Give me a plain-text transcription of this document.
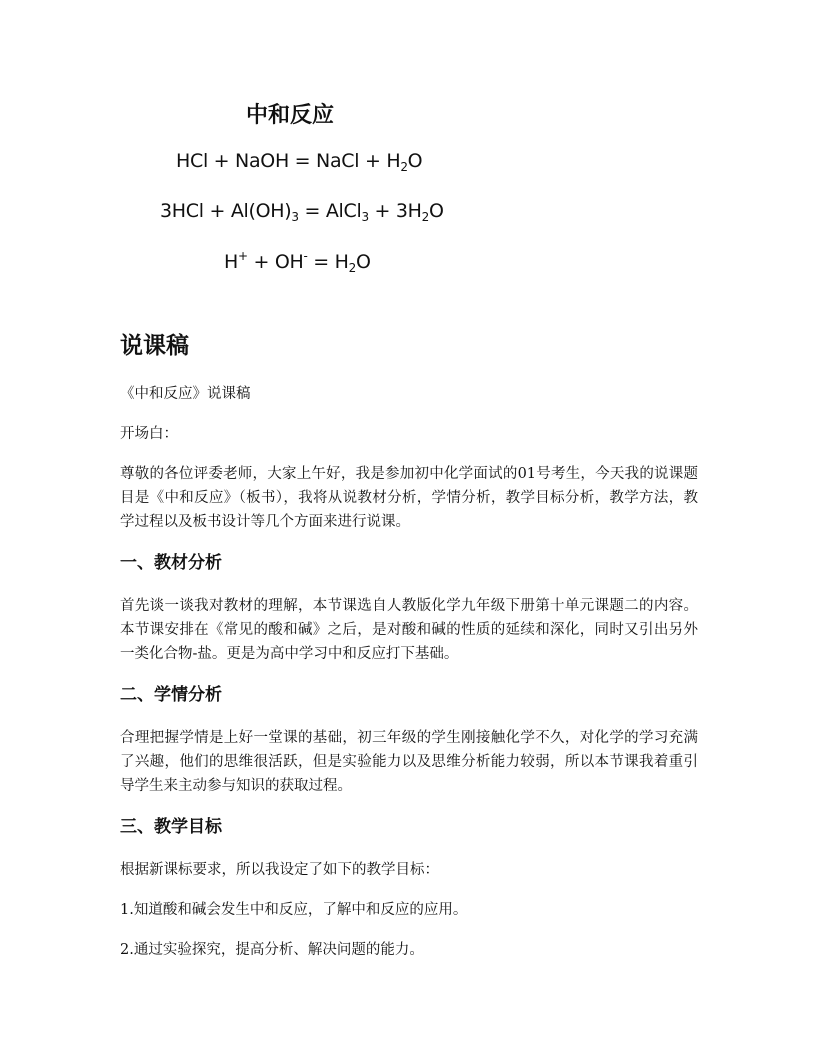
中和反应
HCl + NaOH = NaCl + $H_2O$
$3HCl + Al(OH)_3$ = AlCl$_3$ + $3H_2O$
$H^+ + OH^- = H_2O$
说课稿
《中和反应》说课稿
开场白：
尊敬的各位评委老师，大家上午好，我是参加初中化学面试的01号考生，今天我的说课题目是《中和反应》（板书），我将从说教材分析，学情分析，教学目标分析，教学方法，教学过程以及板书设计等几个方面来进行说课。
一、教材分析
首先谈一谈我对教材的理解，本节课选自人教版化学九年级下册第十单元课题二的内容。本节课安排在《常见的酸和碱》之后，是对酸和碱的性质的延续和深化，同时又引出另外一类化合物-盐。更是为高中学习中和反应打下基础。
二、学情分析
合理把握学情是上好一堂课的基础，初三年级的学生刚接触化学不久，对化学的学习充满了兴趣，他们的思维很活跃，但是实验能力以及思维分析能力较弱，所以本节课我着重引导学生来主动参与知识的获取过程。
三、教学目标
根据新课标要求，所以我设定了如下的教学目标：
1.知道酸和碱会发生中和反应，了解中和反应的应用。
2.通过实验探究，提高分析、解决问题的能力。
